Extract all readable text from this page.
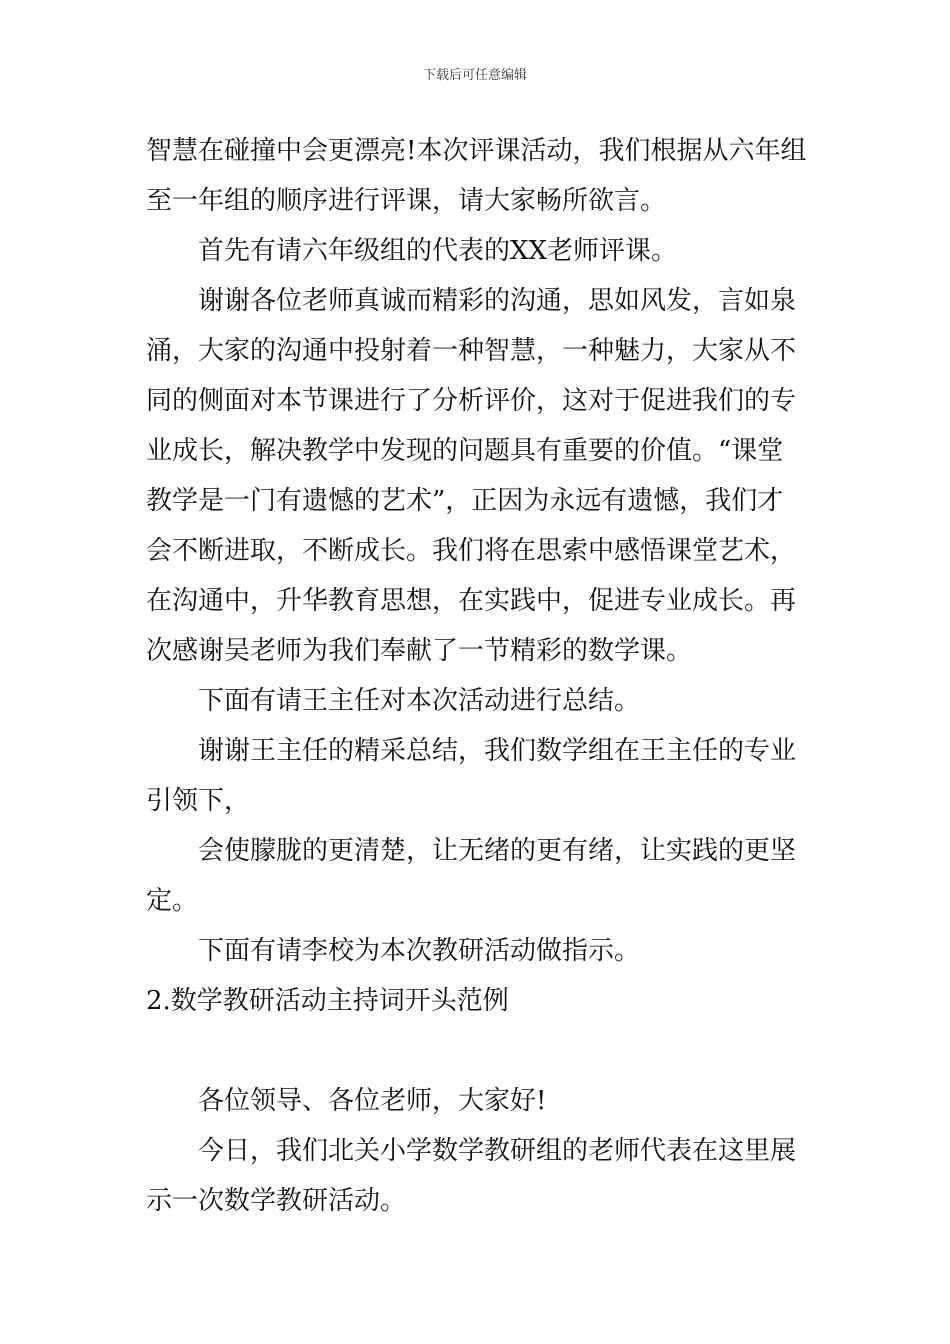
下载后可任意编辑
智慧在碰撞中会更漂亮!本次评课活动，我们根据从六年组
至一年组的顺序进行评课，请大家畅所欲言。
首先有请六年级组的代表的XX老师评课。
谢谢各位老师真诚而精彩的沟通，思如风发，言如泉
涌，大家的沟通中投射着一种智慧，一种魅力，大家从不
同的侧面对本节课进行了分析评价，这对于促进我们的专
业成长，解决教学中发现的问题具有重要的价值。“课堂
教学是一门有遗憾的艺术”，正因为永远有遗憾，我们才
会不断进取，不断成长。我们将在思索中感悟课堂艺术，
在沟通中，升华教育思想，在实践中，促进专业成长。再
次感谢吴老师为我们奉献了一节精彩的数学课。
下面有请王主任对本次活动进行总结。
谢谢王主任的精采总结，我们数学组在王主任的专业
引领下，
会使朦胧的更清楚，让无绪的更有绪，让实践的更坚
定。
下面有请李校为本次教研活动做指示。
2.数学教研活动主持词开头范例
各位领导、各位老师，大家好!
今日，我们北关小学数学教研组的老师代表在这里展
示一次数学教研活动。
